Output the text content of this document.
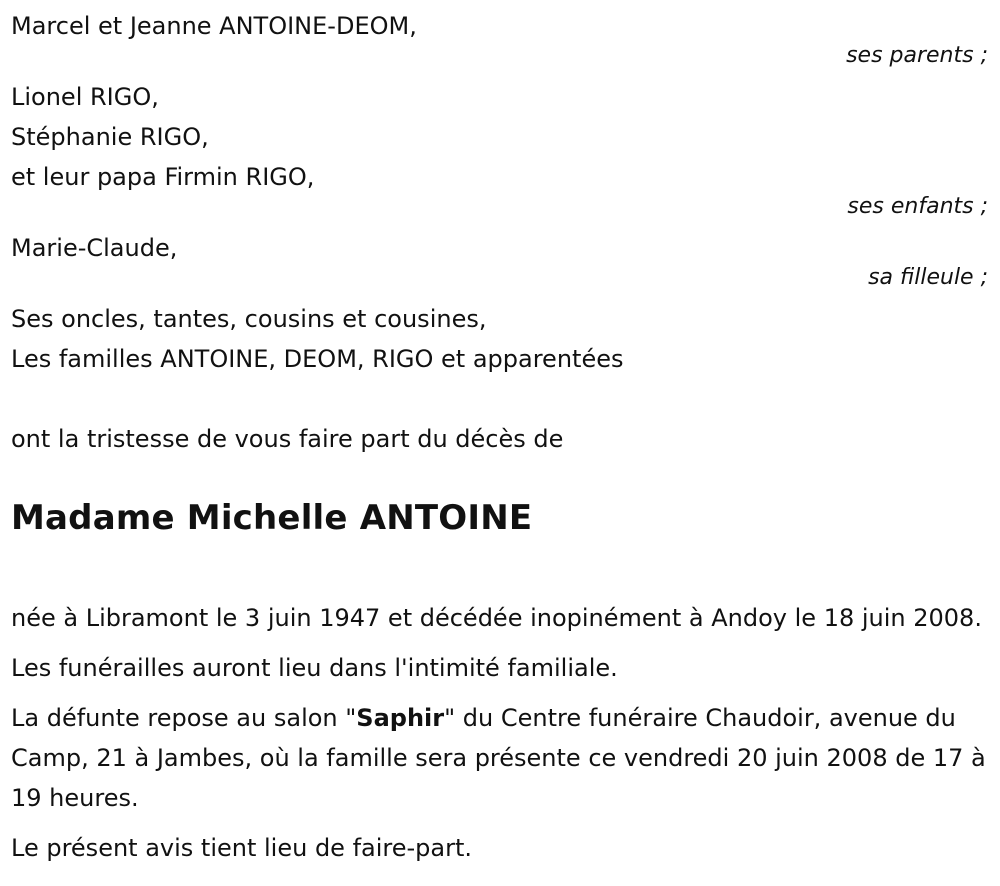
Marcel et Jeanne ANTOINE-DEOM,
ses parents ;
Lionel RIGO,
Stéphanie RIGO,
et leur papa Firmin RIGO,
ses enfants ;
Marie-Claude,
sa filleule ;
Ses oncles, tantes, cousins et cousines,
Les familles ANTOINE, DEOM, RIGO et apparentées
ont la tristesse de vous faire part du décès de
Madame Michelle ANTOINE

née à Libramont le 3 juin 1947 et décédée inopinément à Andoy le 18 juin 2008.

Les funérailles auront lieu dans l'intimité familiale.

La défunte repose au salon "Saphir" du Centre funéraire Chaudoir, avenue du Camp, 21 à Jambes, où la famille sera présente ce vendredi 20 juin 2008 de 17 à 19 heures.

Le présent avis tient lieu de faire-part.
